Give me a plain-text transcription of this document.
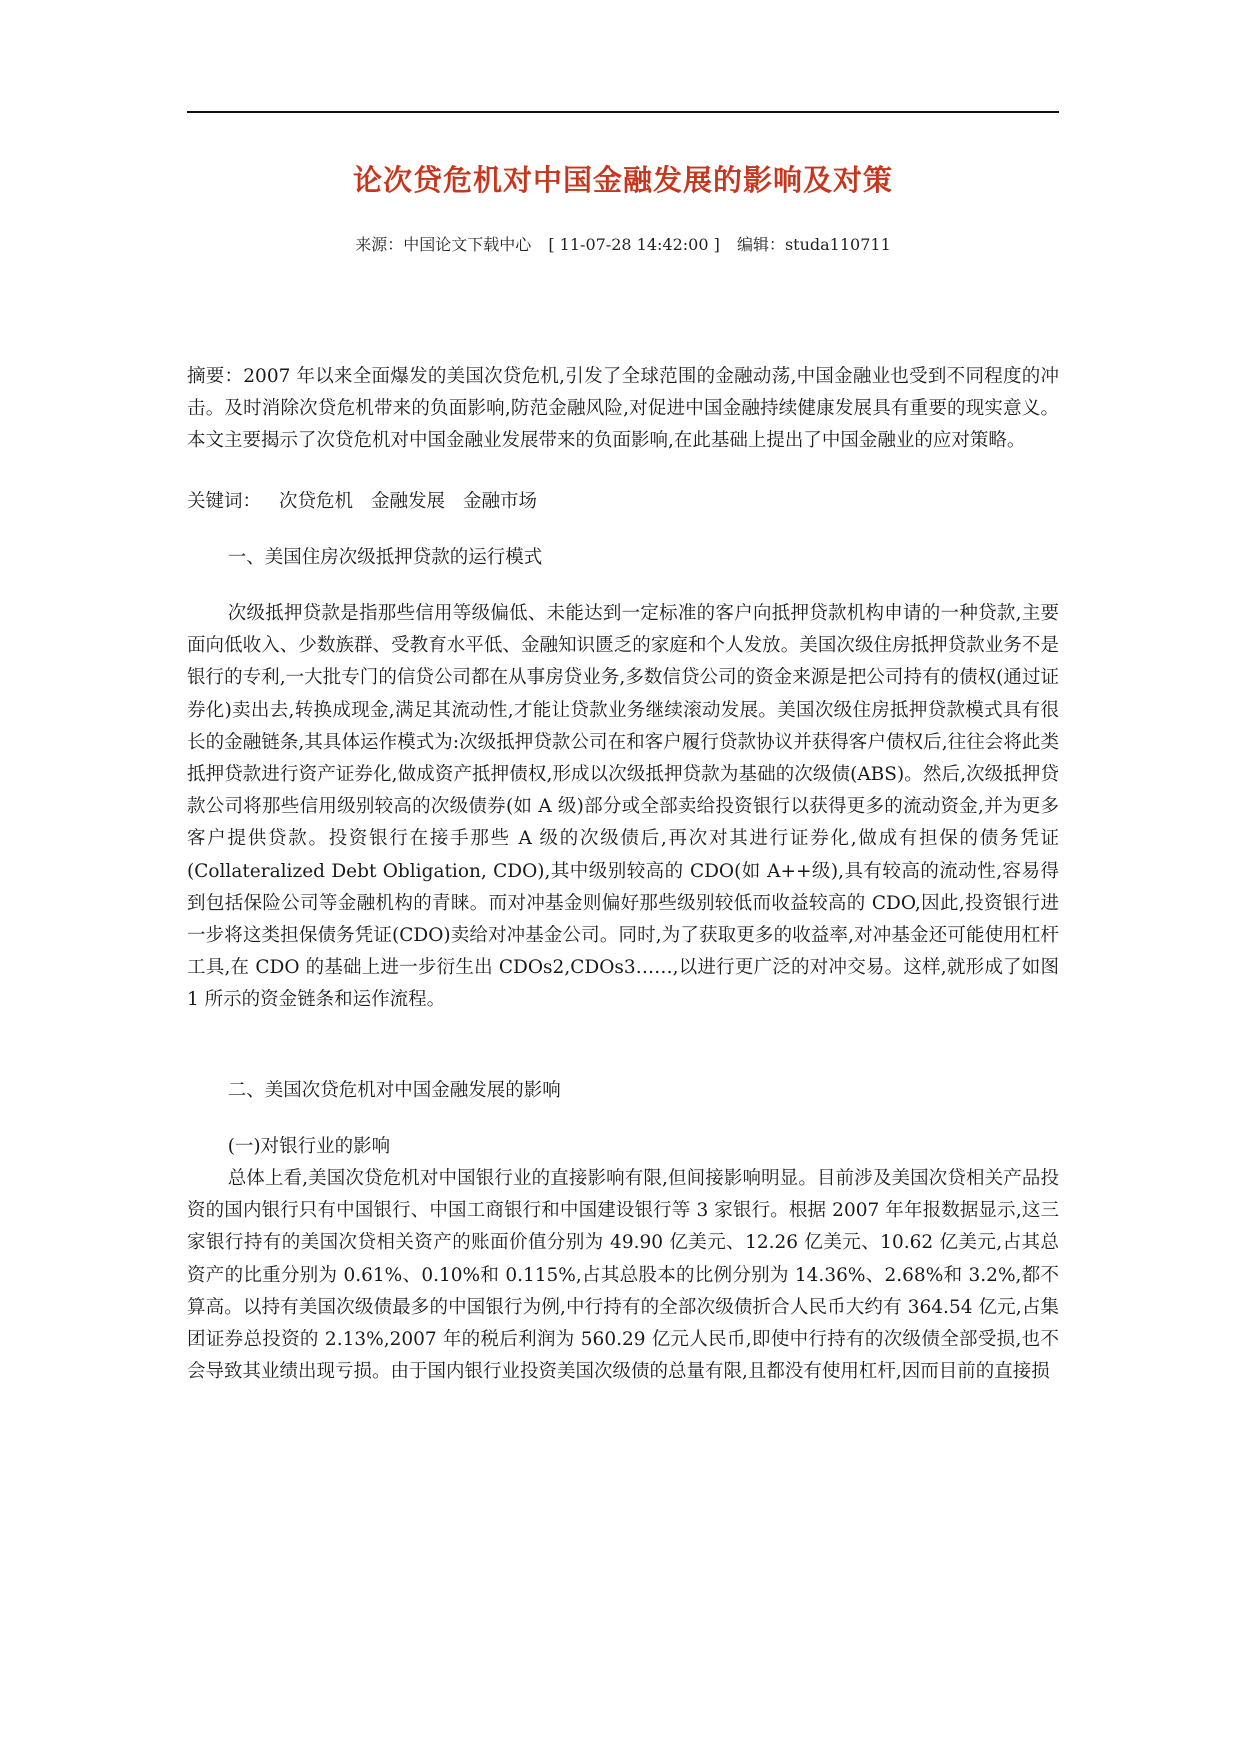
论次贷危机对中国金融发展的影响及对策
来源：中国论文下载中心 [ 11-07-28 14:42:00 ] 编辑：studa110711

摘要：2007 年以来全面爆发的美国次贷危机,引发了全球范围的金融动荡,中国金融业也受到不同程度的冲击。及时消除次贷危机带来的负面影响,防范金融风险,对促进中国金融持续健康发展具有重要的现实意义。本文主要揭示了次贷危机对中国金融业发展带来的负面影响,在此基础上提出了中国金融业的应对策略。

关键词： 次贷危机 金融发展 金融市场

一、美国住房次级抵押贷款的运行模式

次级抵押贷款是指那些信用等级偏低、未能达到一定标准的客户向抵押贷款机构申请的一种贷款,主要面向低收入、少数族群、受教育水平低、金融知识匮乏的家庭和个人发放。美国次级住房抵押贷款业务不是银行的专利,一大批专门的信贷公司都在从事房贷业务,多数信贷公司的资金来源是把公司持有的债权(通过证券化)卖出去,转换成现金,满足其流动性,才能让贷款业务继续滚动发展。美国次级住房抵押贷款模式具有很长的金融链条,其具体运作模式为:次级抵押贷款公司在和客户履行贷款协议并获得客户债权后,往往会将此类抵押贷款进行资产证券化,做成资产抵押债权,形成以次级抵押贷款为基础的次级债(ABS)。然后,次级抵押贷款公司将那些信用级别较高的次级债券(如 A 级)部分或全部卖给投资银行以获得更多的流动资金,并为更多客户提供贷款。投资银行在接手那些 A 级的次级债后,再次对其进行证券化,做成有担保的债务凭证(Collateralized Debt Obligation, CDO),其中级别较高的 CDO(如 A++级),具有较高的流动性,容易得到包括保险公司等金融机构的青睐。而对冲基金则偏好那些级别较低而收益较高的 CDO,因此,投资银行进一步将这类担保债务凭证(CDO)卖给对冲基金公司。同时,为了获取更多的收益率,对冲基金还可能使用杠杆工具,在 CDO 的基础上进一步衍生出 CDOs2,CDOs3……,以进行更广泛的对冲交易。这样,就形成了如图 1 所示的资金链条和运作流程。

二、美国次贷危机对中国金融发展的影响

(一)对银行业的影响

总体上看,美国次贷危机对中国银行业的直接影响有限,但间接影响明显。目前涉及美国次贷相关产品投资的国内银行只有中国银行、中国工商银行和中国建设银行等 3 家银行。根据 2007 年年报数据显示,这三家银行持有的美国次贷相关资产的账面价值分别为 49.90 亿美元、12.26 亿美元、10.62 亿美元,占其总资产的比重分别为 0.61%、0.10%和 0.115%,占其总股本的比例分别为 14.36%、2.68%和 3.2%,都不算高。以持有美国次级债最多的中国银行为例,中行持有的全部次级债折合人民币大约有 364.54 亿元,占集团证券总投资的 2.13%,2007 年的税后利润为 560.29 亿元人民币,即使中行持有的次级债全部受损,也不会导致其业绩出现亏损。由于国内银行业投资美国次级债的总量有限,且都没有使用杠杆,因而目前的直接损
